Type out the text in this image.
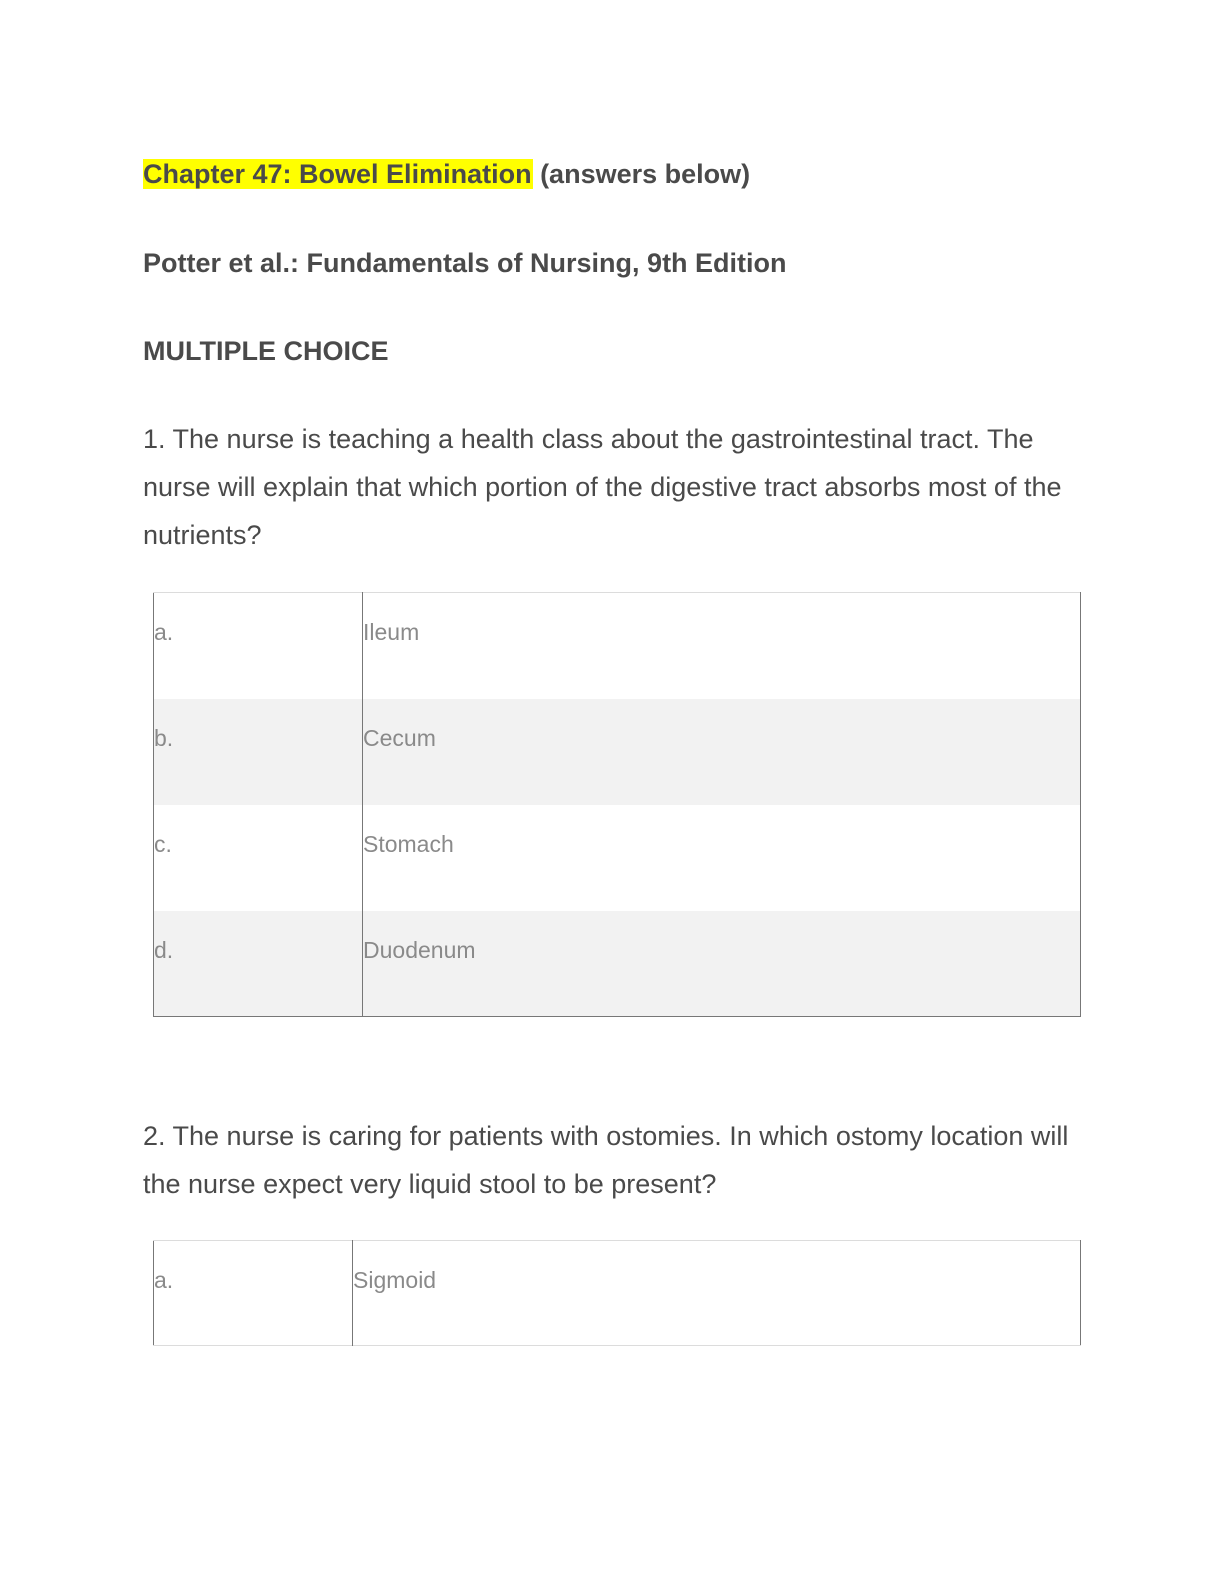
Chapter 47: Bowel Elimination (answers below)
Potter et al.: Fundamentals of Nursing, 9th Edition
MULTIPLE CHOICE

1. The nurse is teaching a health class about the gastrointestinal tract. The nurse will explain that which portion of the digestive tract absorbs most of the nutrients?

a.	Ileum
b.	Cecum
c.	Stomach
d.	Duodenum

2. The nurse is caring for patients with ostomies. In which ostomy location will the nurse expect very liquid stool to be present?

a.	Sigmoid
